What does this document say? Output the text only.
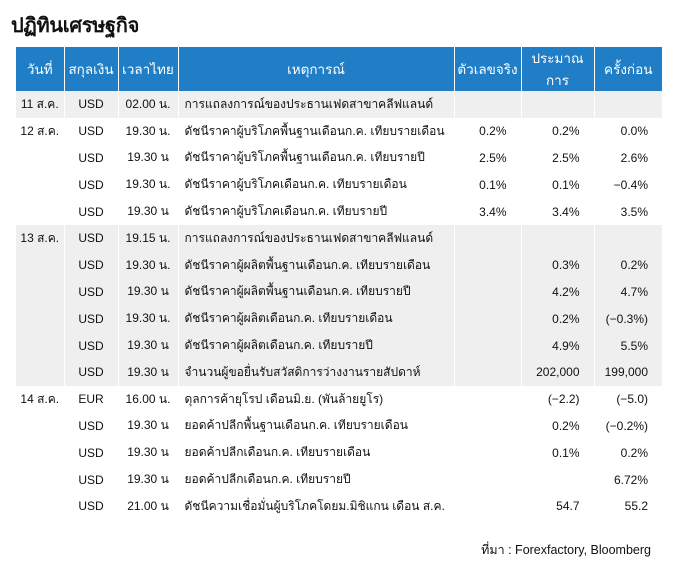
ปฏิทินเศรษฐกิจ
วันที่	สกุลเงิน	เวลาไทย	เหตุการณ์	ตัวเลขจริง	ประมาณการ	ครั้งก่อน
11 ส.ค.	USD	02.00 น.	การแถลงการณ์ของประธานเฟดสาขาคลีฟแลนด์			
12 ส.ค.	USD	19.30 น.	ดัชนีราคาผู้บริโภคพื้นฐานเดือนก.ค. เทียบรายเดือน	0.2%	0.2%	0.0%
	USD	19.30 น	ดัชนีราคาผู้บริโภคพื้นฐานเดือนก.ค. เทียบรายปี	2.5%	2.5%	2.6%
	USD	19.30 น.	ดัชนีราคาผู้บริโภคเดือนก.ค. เทียบรายเดือน	0.1%	0.1%	−0.4%
	USD	19.30 น	ดัชนีราคาผู้บริโภคเดือนก.ค. เทียบรายปี	3.4%	3.4%	3.5%
13 ส.ค.	USD	19.15 น.	การแถลงการณ์ของประธานเฟดสาขาคลีฟแลนด์			
	USD	19.30 น.	ดัชนีราคาผู้ผลิตพื้นฐานเดือนก.ค. เทียบรายเดือน		0.3%	0.2%
	USD	19.30 น	ดัชนีราคาผู้ผลิตพื้นฐานเดือนก.ค. เทียบรายปี		4.2%	4.7%
	USD	19.30 น.	ดัชนีราคาผู้ผลิตเดือนก.ค. เทียบรายเดือน		0.2%	(−0.3%)
	USD	19.30 น	ดัชนีราคาผู้ผลิตเดือนก.ค. เทียบรายปี		4.9%	5.5%
	USD	19.30 น	จำนวนผู้ขอยื่นรับสวัสดิการว่างงานรายสัปดาห์		202,000	199,000
14 ส.ค.	EUR	16.00 น.	ดุลการค้ายุโรป เดือนมิ.ย. (พันล้ายยูโร)		(−2.2)	(−5.0)
	USD	19.30 น	ยอดค้าปลีกพื้นฐานเดือนก.ค. เทียบรายเดือน		0.2%	(−0.2%)
	USD	19.30 น	ยอดค้าปลีกเดือนก.ค. เทียบรายเดือน		0.1%	0.2%
	USD	19.30 น	ยอดค้าปลีกเดือนก.ค. เทียบรายปี			6.72%
	USD	21.00 น	ดัชนีความเชื่อมั่นผู้บริโภคโดยม.มิชิแกน เดือน ส.ค.		54.7	55.2
ที่มา : Forexfactory, Bloomberg
